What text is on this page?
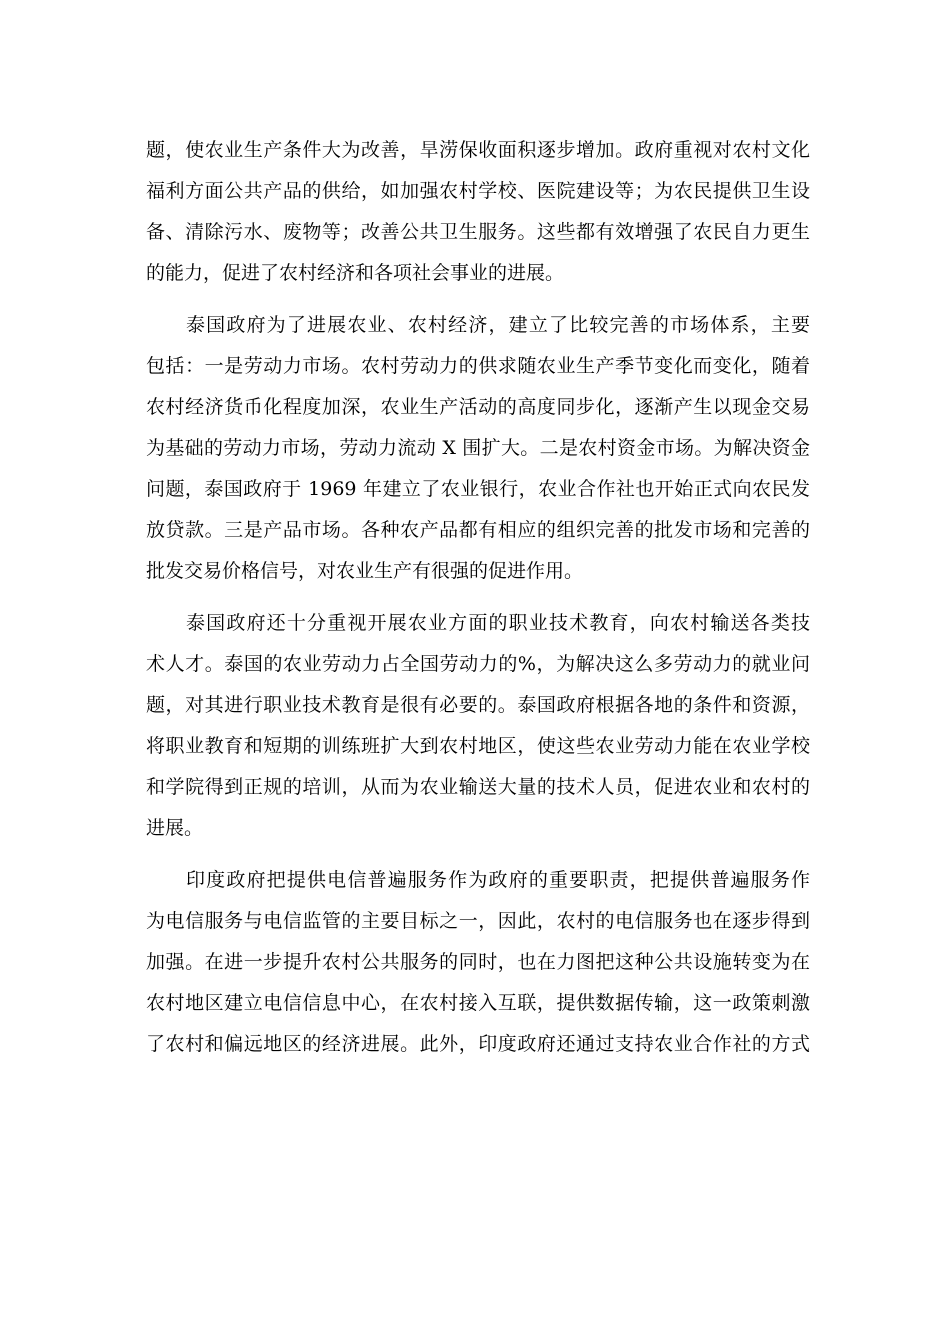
题，使农业生产条件大为改善，旱涝保收面积逐步增加。政府重视对农村文化

福利方面公共产品的供给，如加强农村学校、医院建设等；为农民提供卫生设

备、清除污水、废物等；改善公共卫生服务。这些都有效增强了农民自力更生

的能力，促进了农村经济和各项社会事业的进展。

泰国政府为了进展农业、农村经济，建立了比较完善的市场体系，主要

包括：一是劳动力市场。农村劳动力的供求随农业生产季节变化而变化，随着

农村经济货币化程度加深，农业生产活动的高度同步化，逐渐产生以现金交易

为基础的劳动力市场，劳动力流动 X 围扩大。二是农村资金市场。为解决资金

问题，泰国政府于 1969 年建立了农业银行，农业合作社也开始正式向农民发

放贷款。三是产品市场。各种农产品都有相应的组织完善的批发市场和完善的

批发交易价格信号，对农业生产有很强的促进作用。

泰国政府还十分重视开展农业方面的职业技术教育，向农村输送各类技

术人才。泰国的农业劳动力占全国劳动力的%，为解决这么多劳动力的就业问

题，对其进行职业技术教育是很有必要的。泰国政府根据各地的条件和资源，

将职业教育和短期的训练班扩大到农村地区，使这些农业劳动力能在农业学校

和学院得到正规的培训，从而为农业输送大量的技术人员，促进农业和农村的

进展。

印度政府把提供电信普遍服务作为政府的重要职责，把提供普遍服务作

为电信服务与电信监管的主要目标之一，因此，农村的电信服务也在逐步得到

加强。在进一步提升农村公共服务的同时，也在力图把这种公共设施转变为在

农村地区建立电信信息中心，在农村接入互联，提供数据传输，这一政策刺激

了农村和偏远地区的经济进展。此外，印度政府还通过支持农业合作社的方式
